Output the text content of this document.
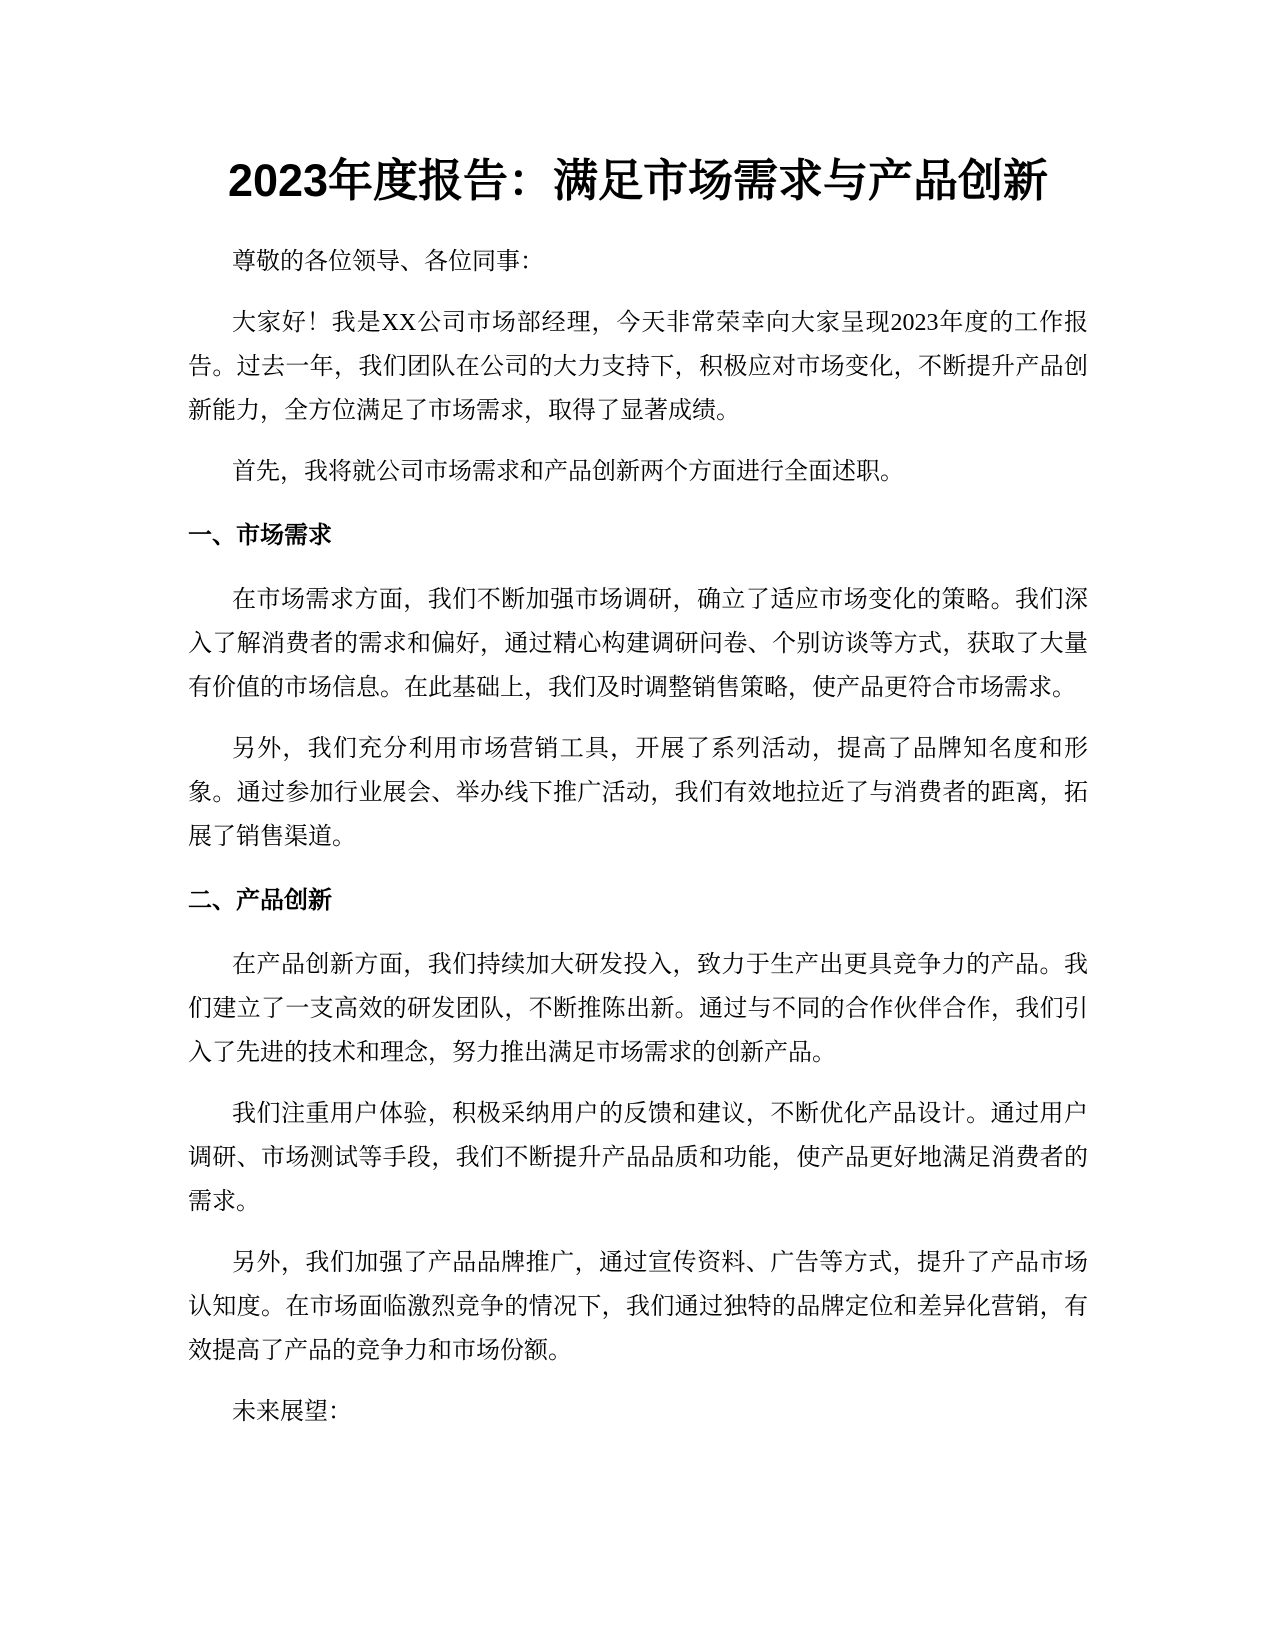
2023年度报告：满足市场需求与产品创新

尊敬的各位领导、各位同事：

大家好！我是XX公司市场部经理，今天非常荣幸向大家呈现2023年度的工作报告。过去一年，我们团队在公司的大力支持下，积极应对市场变化，不断提升产品创新能力，全方位满足了市场需求，取得了显著成绩。

首先，我将就公司市场需求和产品创新两个方面进行全面述职。

一、市场需求

在市场需求方面，我们不断加强市场调研，确立了适应市场变化的策略。我们深入了解消费者的需求和偏好，通过精心构建调研问卷、个别访谈等方式，获取了大量有价值的市场信息。在此基础上，我们及时调整销售策略，使产品更符合市场需求。

另外，我们充分利用市场营销工具，开展了系列活动，提高了品牌知名度和形象。通过参加行业展会、举办线下推广活动，我们有效地拉近了与消费者的距离，拓展了销售渠道。

二、产品创新

在产品创新方面，我们持续加大研发投入，致力于生产出更具竞争力的产品。我们建立了一支高效的研发团队，不断推陈出新。通过与不同的合作伙伴合作，我们引入了先进的技术和理念，努力推出满足市场需求的创新产品。

我们注重用户体验，积极采纳用户的反馈和建议，不断优化产品设计。通过用户调研、市场测试等手段，我们不断提升产品品质和功能，使产品更好地满足消费者的需求。

另外，我们加强了产品品牌推广，通过宣传资料、广告等方式，提升了产品市场认知度。在市场面临激烈竞争的情况下，我们通过独特的品牌定位和差异化营销，有效提高了产品的竞争力和市场份额。

未来展望：
